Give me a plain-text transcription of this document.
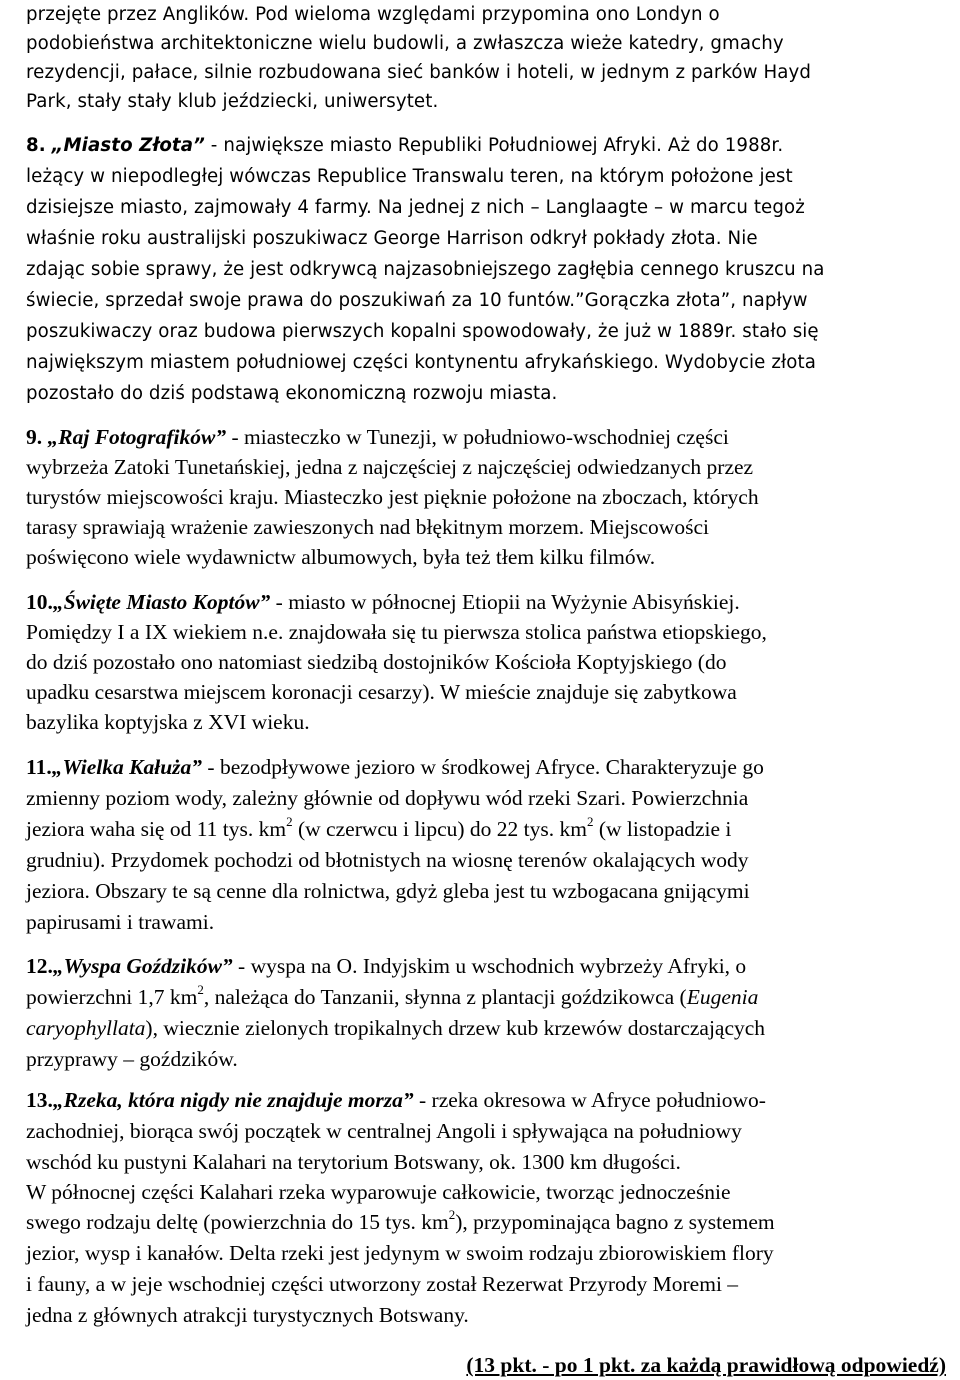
przejęte przez Anglików. Pod wieloma względami przypomina ono Londyn o
podobieństwa architektoniczne wielu budowli, a zwłaszcza wieże katedry, gmachy
rezydencji, pałace, silnie rozbudowana sieć banków i hoteli, w jednym z parków Hayd
Park, stały stały klub jeździecki, uniwersytet.
8. „Miasto Złota” - największe miasto Republiki Południowej Afryki. Aż do 1988r.
leżący w niepodległej wówczas Republice Transwalu teren, na którym położone jest
dzisiejsze miasto, zajmowały 4 farmy. Na jednej z nich – Langlaagte – w marcu tegoż
właśnie roku australijski poszukiwacz George Harrison odkrył pokłady złota. Nie
zdając sobie sprawy, że jest odkrywcą najzasobniejszego zagłębia cennego kruszcu na
świecie, sprzedał swoje prawa do poszukiwań za 10 funtów.”Gorączka złota”, napływ
poszukiwaczy oraz budowa pierwszych kopalni spowodowały, że już w 1889r. stało się
największym miastem południowej części kontynentu afrykańskiego. Wydobycie złota
pozostało do dziś podstawą ekonomiczną rozwoju miasta.
9. „Raj Fotografików” - miasteczko w Tunezji, w południowo-wschodniej części
wybrzeża Zatoki Tunetańskiej, jedna z najczęściej z najczęściej odwiedzanych przez
turystów miejscowości kraju. Miasteczko jest pięknie położone na zboczach, których
tarasy sprawiają wrażenie zawieszonych nad błękitnym morzem. Miejscowości
poświęcono wiele wydawnictw albumowych, była też tłem kilku filmów.
10.„Święte Miasto Koptów” - miasto w północnej Etiopii na Wyżynie Abisyńskiej.
Pomiędzy I a IX wiekiem n.e. znajdowała się tu pierwsza stolica państwa etiopskiego,
do dziś pozostało ono natomiast siedzibą dostojników Kościoła Koptyjskiego (do
upadku cesarstwa miejscem koronacji cesarzy). W mieście znajduje się zabytkowa
bazylika koptyjska z XVI wieku.
11.„Wielka Kałuża” - bezodpływowe jezioro w środkowej Afryce. Charakteryzuje go
zmienny poziom wody, zależny głównie od dopływu wód rzeki Szari. Powierzchnia
jeziora waha się od 11 tys. $km^2$ (w czerwcu i lipcu) do 22 tys. $km^2$ (w listopadzie i
grudniu). Przydomek pochodzi od błotnistych na wiosnę terenów okalających wody
jeziora. Obszary te są cenne dla rolnictwa, gdyż gleba jest tu wzbogacana gnijącymi
papirusami i trawami.
12.„Wyspa Goździków” - wyspa na O. Indyjskim u wschodnich wybrzeży Afryki, o
powierzchni 1,7 $km^2$, należąca do Tanzanii, słynna z plantacji goździkowca (Eugenia
caryophyllata), wiecznie zielonych tropikalnych drzew kub krzewów dostarczających
przyprawy – goździków.
13.„Rzeka, która nigdy nie znajduje morza” - rzeka okresowa w Afryce południowo-
zachodniej, biorąca swój początek w centralnej Angoli i spływająca na południowy
wschód ku pustyni Kalahari na terytorium Botswany, ok. 1300 km długości.
W północnej części Kalahari rzeka wyparowuje całkowicie, tworząc jednocześnie
swego rodzaju deltę (powierzchnia do 15 tys. $km^2$), przypominająca bagno z systemem
jezior, wysp i kanałów. Delta rzeki jest jedynym w swoim rodzaju zbiorowiskiem flory
i fauny, a w jeje wschodniej części utworzony został Rezerwat Przyrody Moremi –
jedna z głównych atrakcji turystycznych Botswany.
(13 pkt. - po 1 pkt. za każdą prawidłową odpowiedź)
